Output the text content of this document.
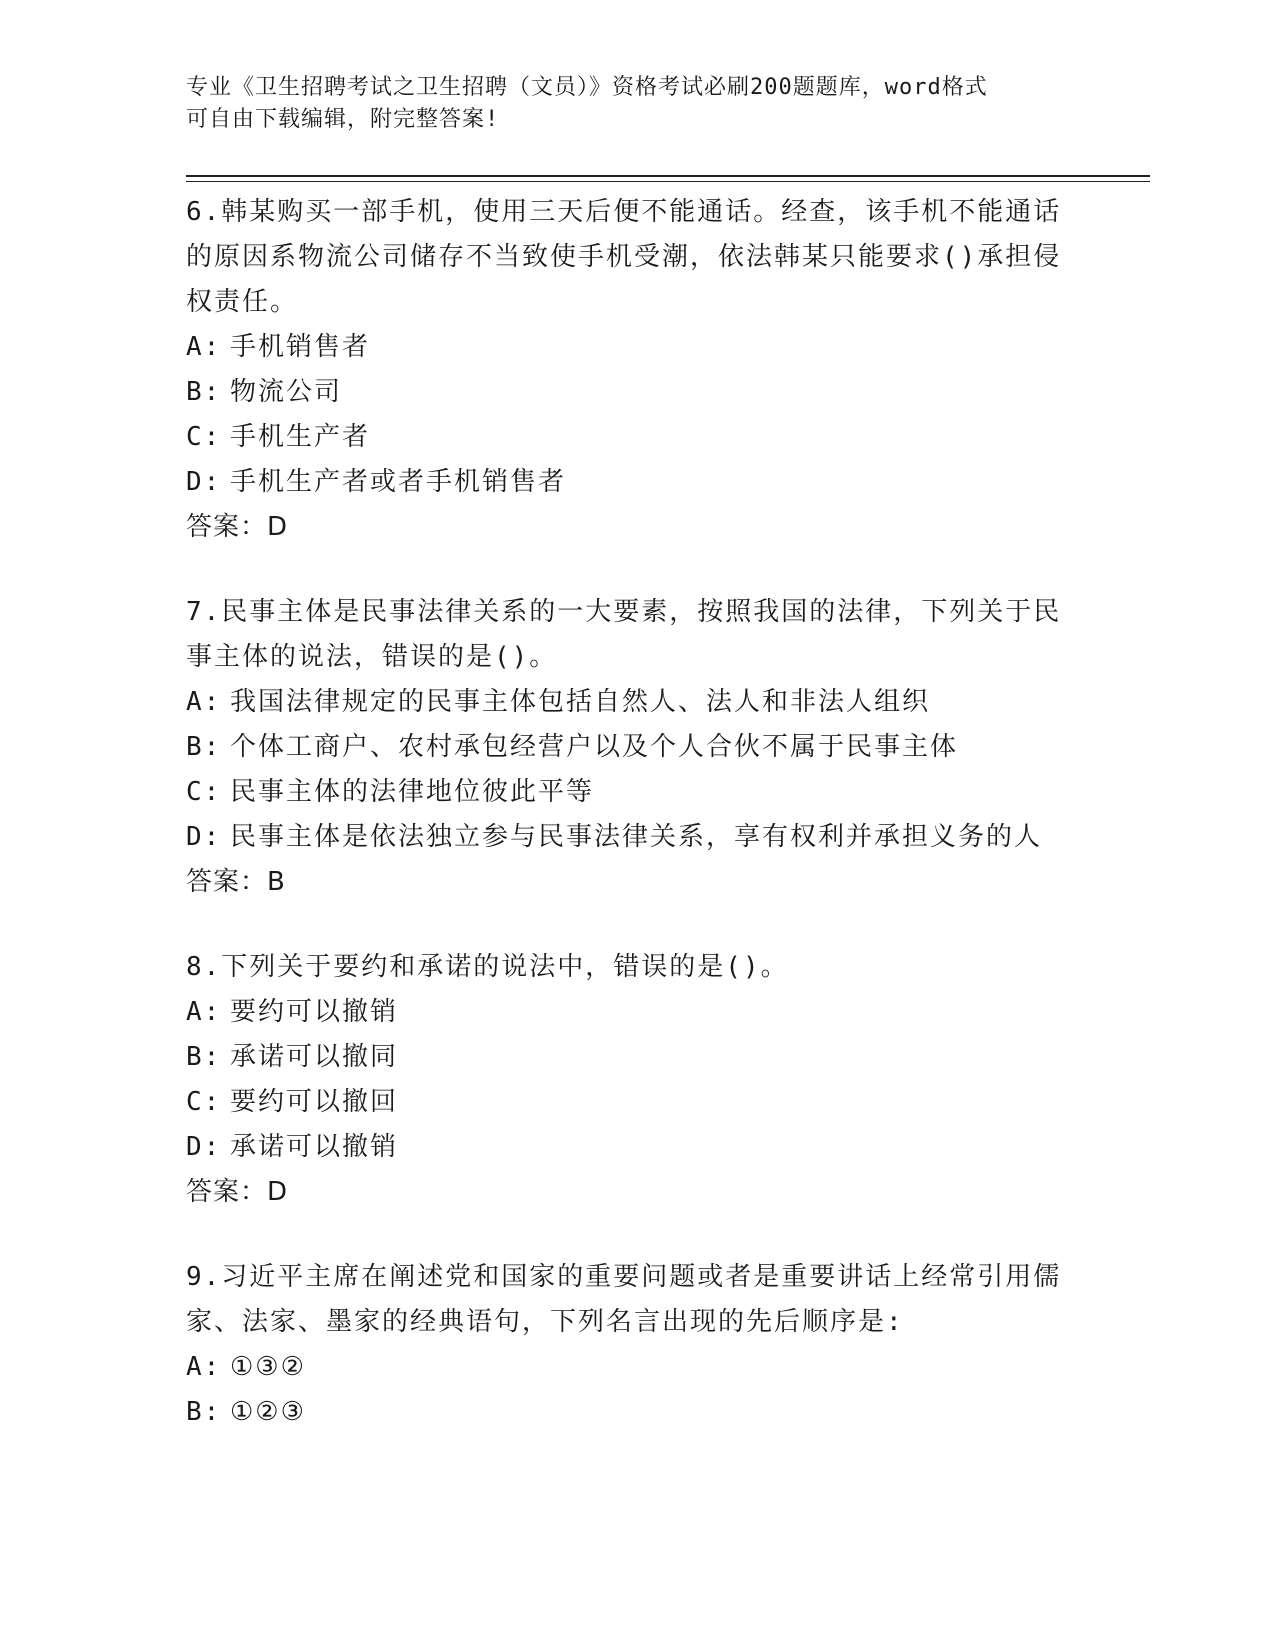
专业《卫生招聘考试之卫生招聘（文员）》资格考试必刷200题题库，word格式
可自由下载编辑，附完整答案!

6.韩某购买一部手机，使用三天后便不能通话。经查，该手机不能通话的原因系物流公司储存不当致使手机受潮，依法韩某只能要求()承担侵权责任。

A: 手机销售者
B: 物流公司
C: 手机生产者
D: 手机生产者或者手机销售者

答案：D

7.民事主体是民事法律关系的一大要素，按照我国的法律，下列关于民事主体的说法，错误的是()。

A: 我国法律规定的民事主体包括自然人、法人和非法人组织
B: 个体工商户、农村承包经营户以及个人合伙不属于民事主体
C: 民事主体的法律地位彼此平等
D: 民事主体是依法独立参与民事法律关系，享有权利并承担义务的人

答案：B

8.下列关于要约和承诺的说法中，错误的是()。

A: 要约可以撤销
B: 承诺可以撤同
C: 要约可以撤回
D: 承诺可以撤销

答案：D

9.习近平主席在阐述党和国家的重要问题或者是重要讲话上经常引用儒家、法家、墨家的经典语句，下列名言出现的先后顺序是:

A: ①③②
B: ①②③
